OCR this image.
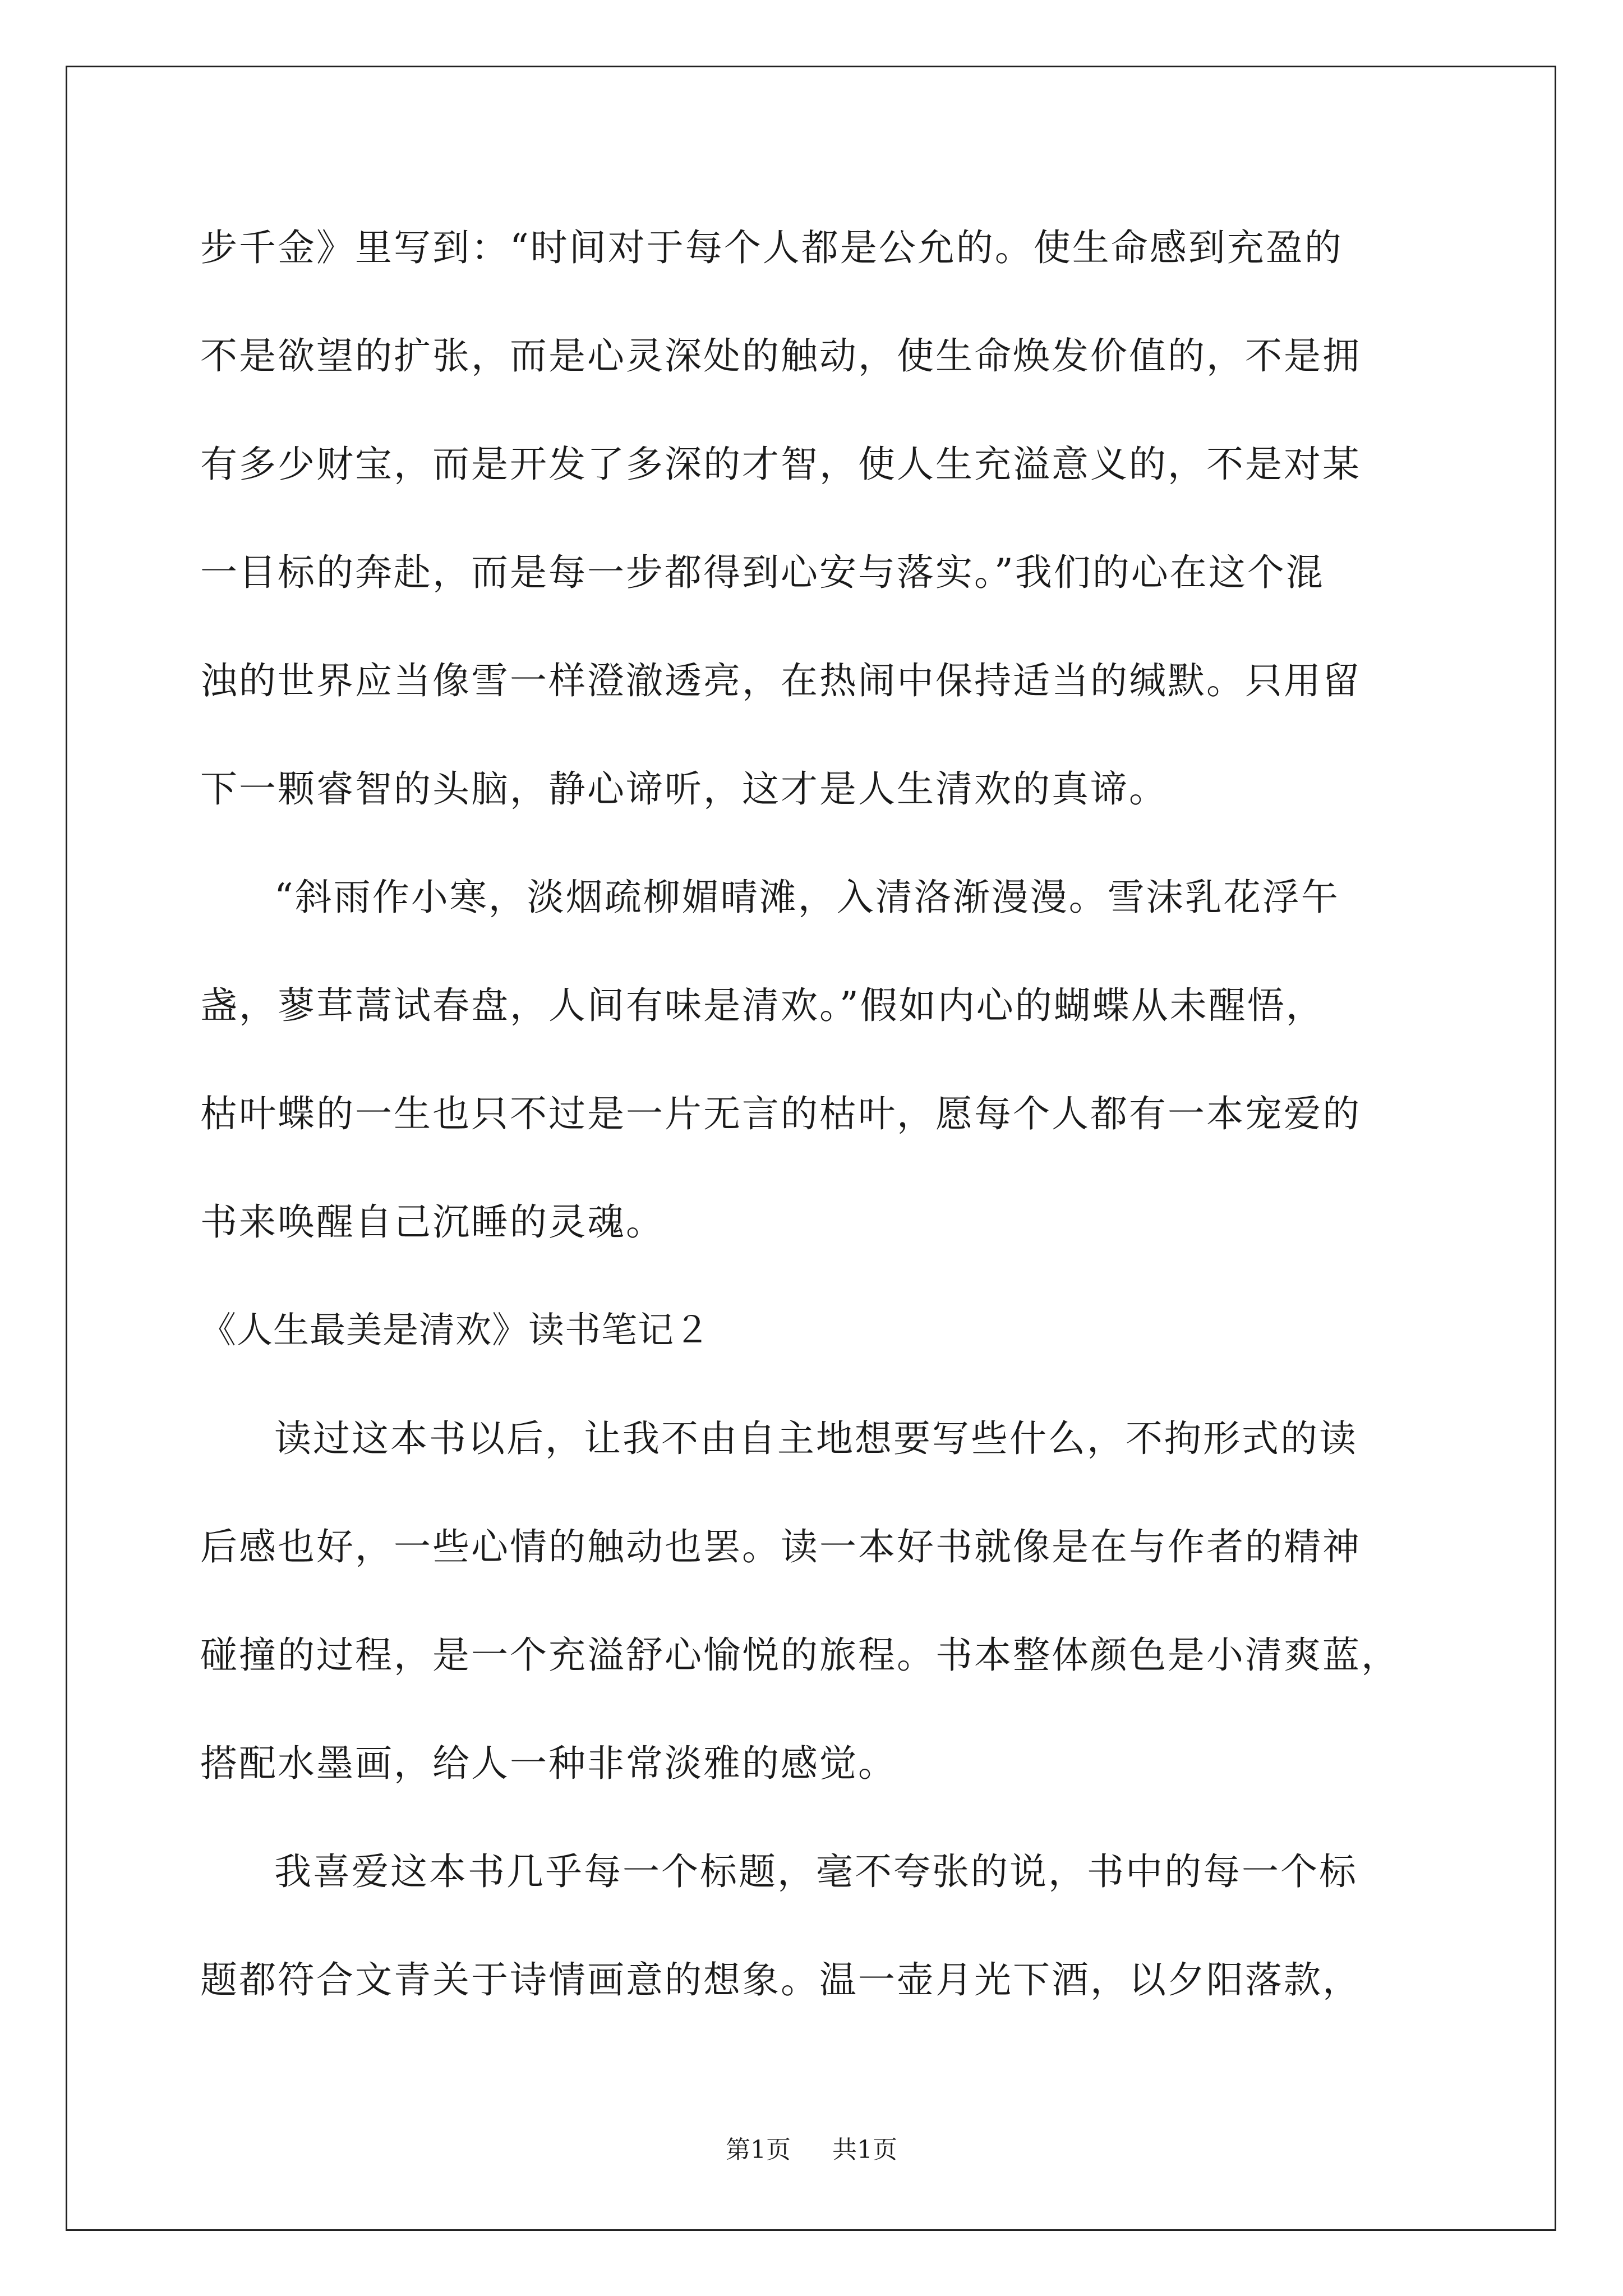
步千金》里写到：“时间对于每个人都是公允的。使生命感到充盈的
不是欲望的扩张，而是心灵深处的触动，使生命焕发价值的，不是拥
有多少财宝，而是开发了多深的才智，使人生充溢意义的，不是对某
一目标的奔赴，而是每一步都得到心安与落实。”我们的心在这个混
浊的世界应当像雪一样澄澈透亮，在热闹中保持适当的缄默。只用留
下一颗睿智的头脑，静心谛听，这才是人生清欢的真谛。
“斜雨作小寒，淡烟疏柳媚晴滩，入清洛渐漫漫。雪沫乳花浮午
盏，蓼茸蒿试春盘，人间有味是清欢。”假如内心的蝴蝶从未醒悟，
枯叶蝶的一生也只不过是一片无言的枯叶，愿每个人都有一本宠爱的
书来唤醒自己沉睡的灵魂。
《人生最美是清欢》读书笔记２
读过这本书以后，让我不由自主地想要写些什么，不拘形式的读
后感也好，一些心情的触动也罢。读一本好书就像是在与作者的精神
碰撞的过程，是一个充溢舒心愉悦的旅程。书本整体颜色是小清爽蓝，
搭配水墨画，给人一种非常淡雅的感觉。
我喜爱这本书几乎每一个标题，毫不夸张的说，书中的每一个标
题都符合文青关于诗情画意的想象。温一壶月光下酒，以夕阳落款，
第1页 共1页
